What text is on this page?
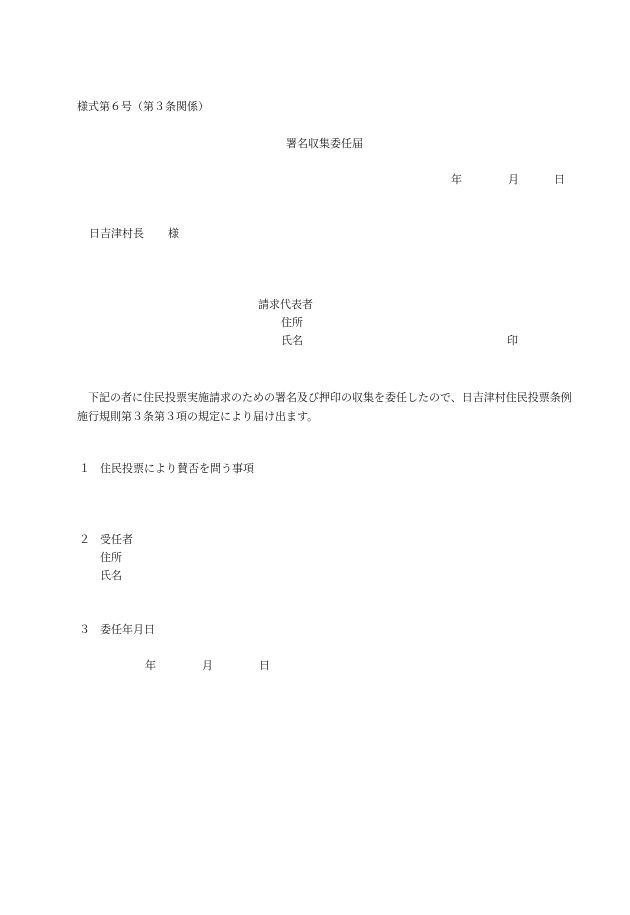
様式第６号（第３条関係）
署名収集委任届
年	月	日
日吉津村長 様
請求代表者
住所
氏名	印
下記の者に住民投票実施請求のための署名及び押印の収集を委任したので、日吉津村住民投票条例施行規則第３条第３項の規定により届け出ます。
１ 住民投票により賛否を問う事項
２ 受任者
住所
氏名
３ 委任年月日
年	月	日
